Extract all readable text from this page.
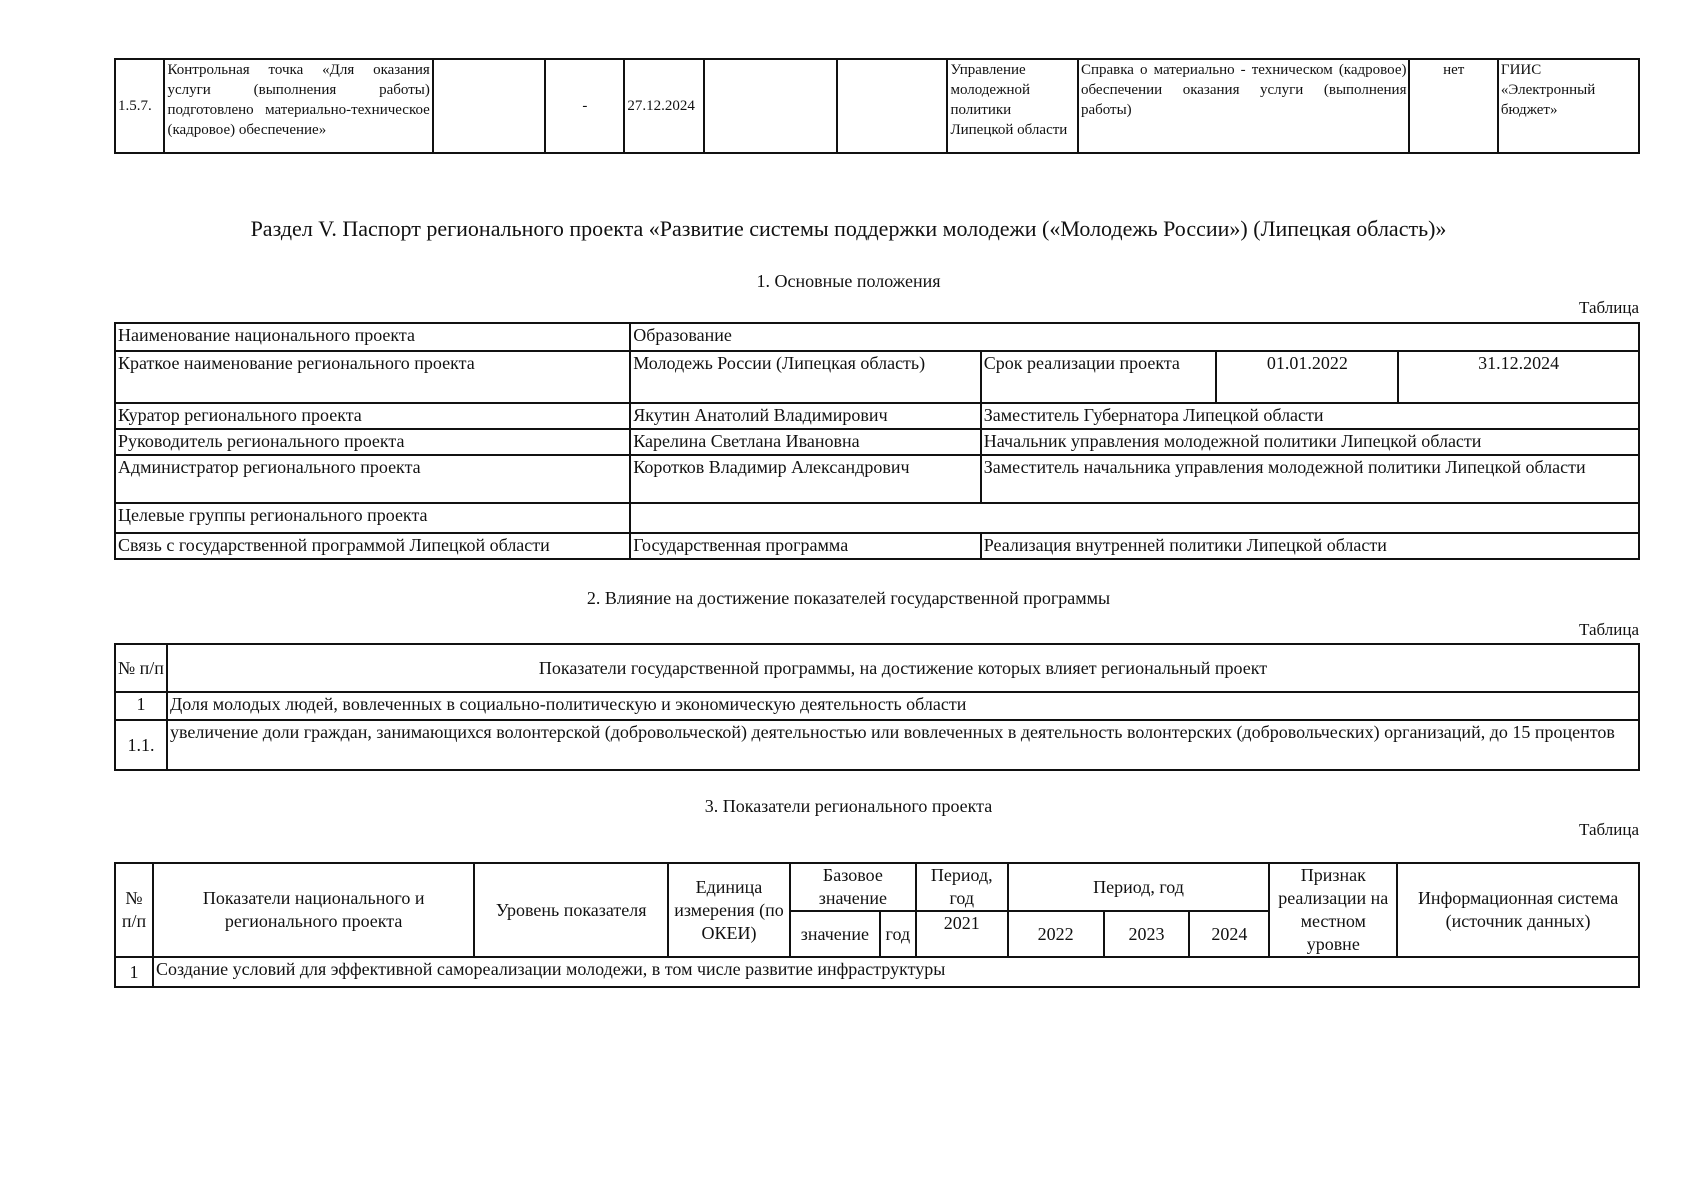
1.5.7.	Контрольная точка «Для оказания услуги (выполнения работы) подготовлено материально-техническое (кадровое) обеспечение»		-	27.12.2024			Управление молодежной политики Липецкой области	Справка о материально - техническом (кадровое) обеспечении оказания услуги (выполнения работы)	нет	ГИИС «Электронный бюджет»
Раздел V. Паспорт регионального проекта «Развитие системы поддержки молодежи («Молодежь России») (Липецкая область)»
1. Основные положения
Таблица
Наименование национального проекта	Образование			
Краткое наименование регионального проекта	Молодежь России (Липецкая область)	Срок реализации проекта	01.01.2022	31.12.2024
Куратор регионального проекта	Якутин Анатолий Владимирович	Заместитель Губернатора Липецкой области		
Руководитель регионального проекта	Карелина Светлана Ивановна	Начальник управления молодежной политики Липецкой области		
Администратор регионального проекта	Коротков Владимир Александрович	Заместитель начальника управления молодежной политики Липецкой области		
Целевые группы регионального проекта				
Связь с государственной программой Липецкой области	Государственная программа	Реализация внутренней политики Липецкой области		
2. Влияние на достижение показателей государственной программы
Таблица
№ п/п	Показатели государственной программы, на достижение которых влияет региональный проект
1	Доля молодых людей, вовлеченных в социально-политическую и экономическую деятельность области
1.1.	увеличение доли граждан, занимающихся волонтерской (добровольческой) деятельностью или вовлеченных в деятельность волонтерских (добровольческих) организаций, до 15 процентов
3. Показатели регионального проекта
Таблица
№ п/п	Показатели национального и регионального проекта	Уровень показателя	Единица измерения (по ОКЕИ)	Базовое значение		Период, год	Период, год			Признак реализации на местном уровне	Информационная система (источник данных)
				значение	год	2021	2022	2023	2024		
1	Создание условий для эффективной самореализации молодежи, в том числе развитие инфраструктуры										
